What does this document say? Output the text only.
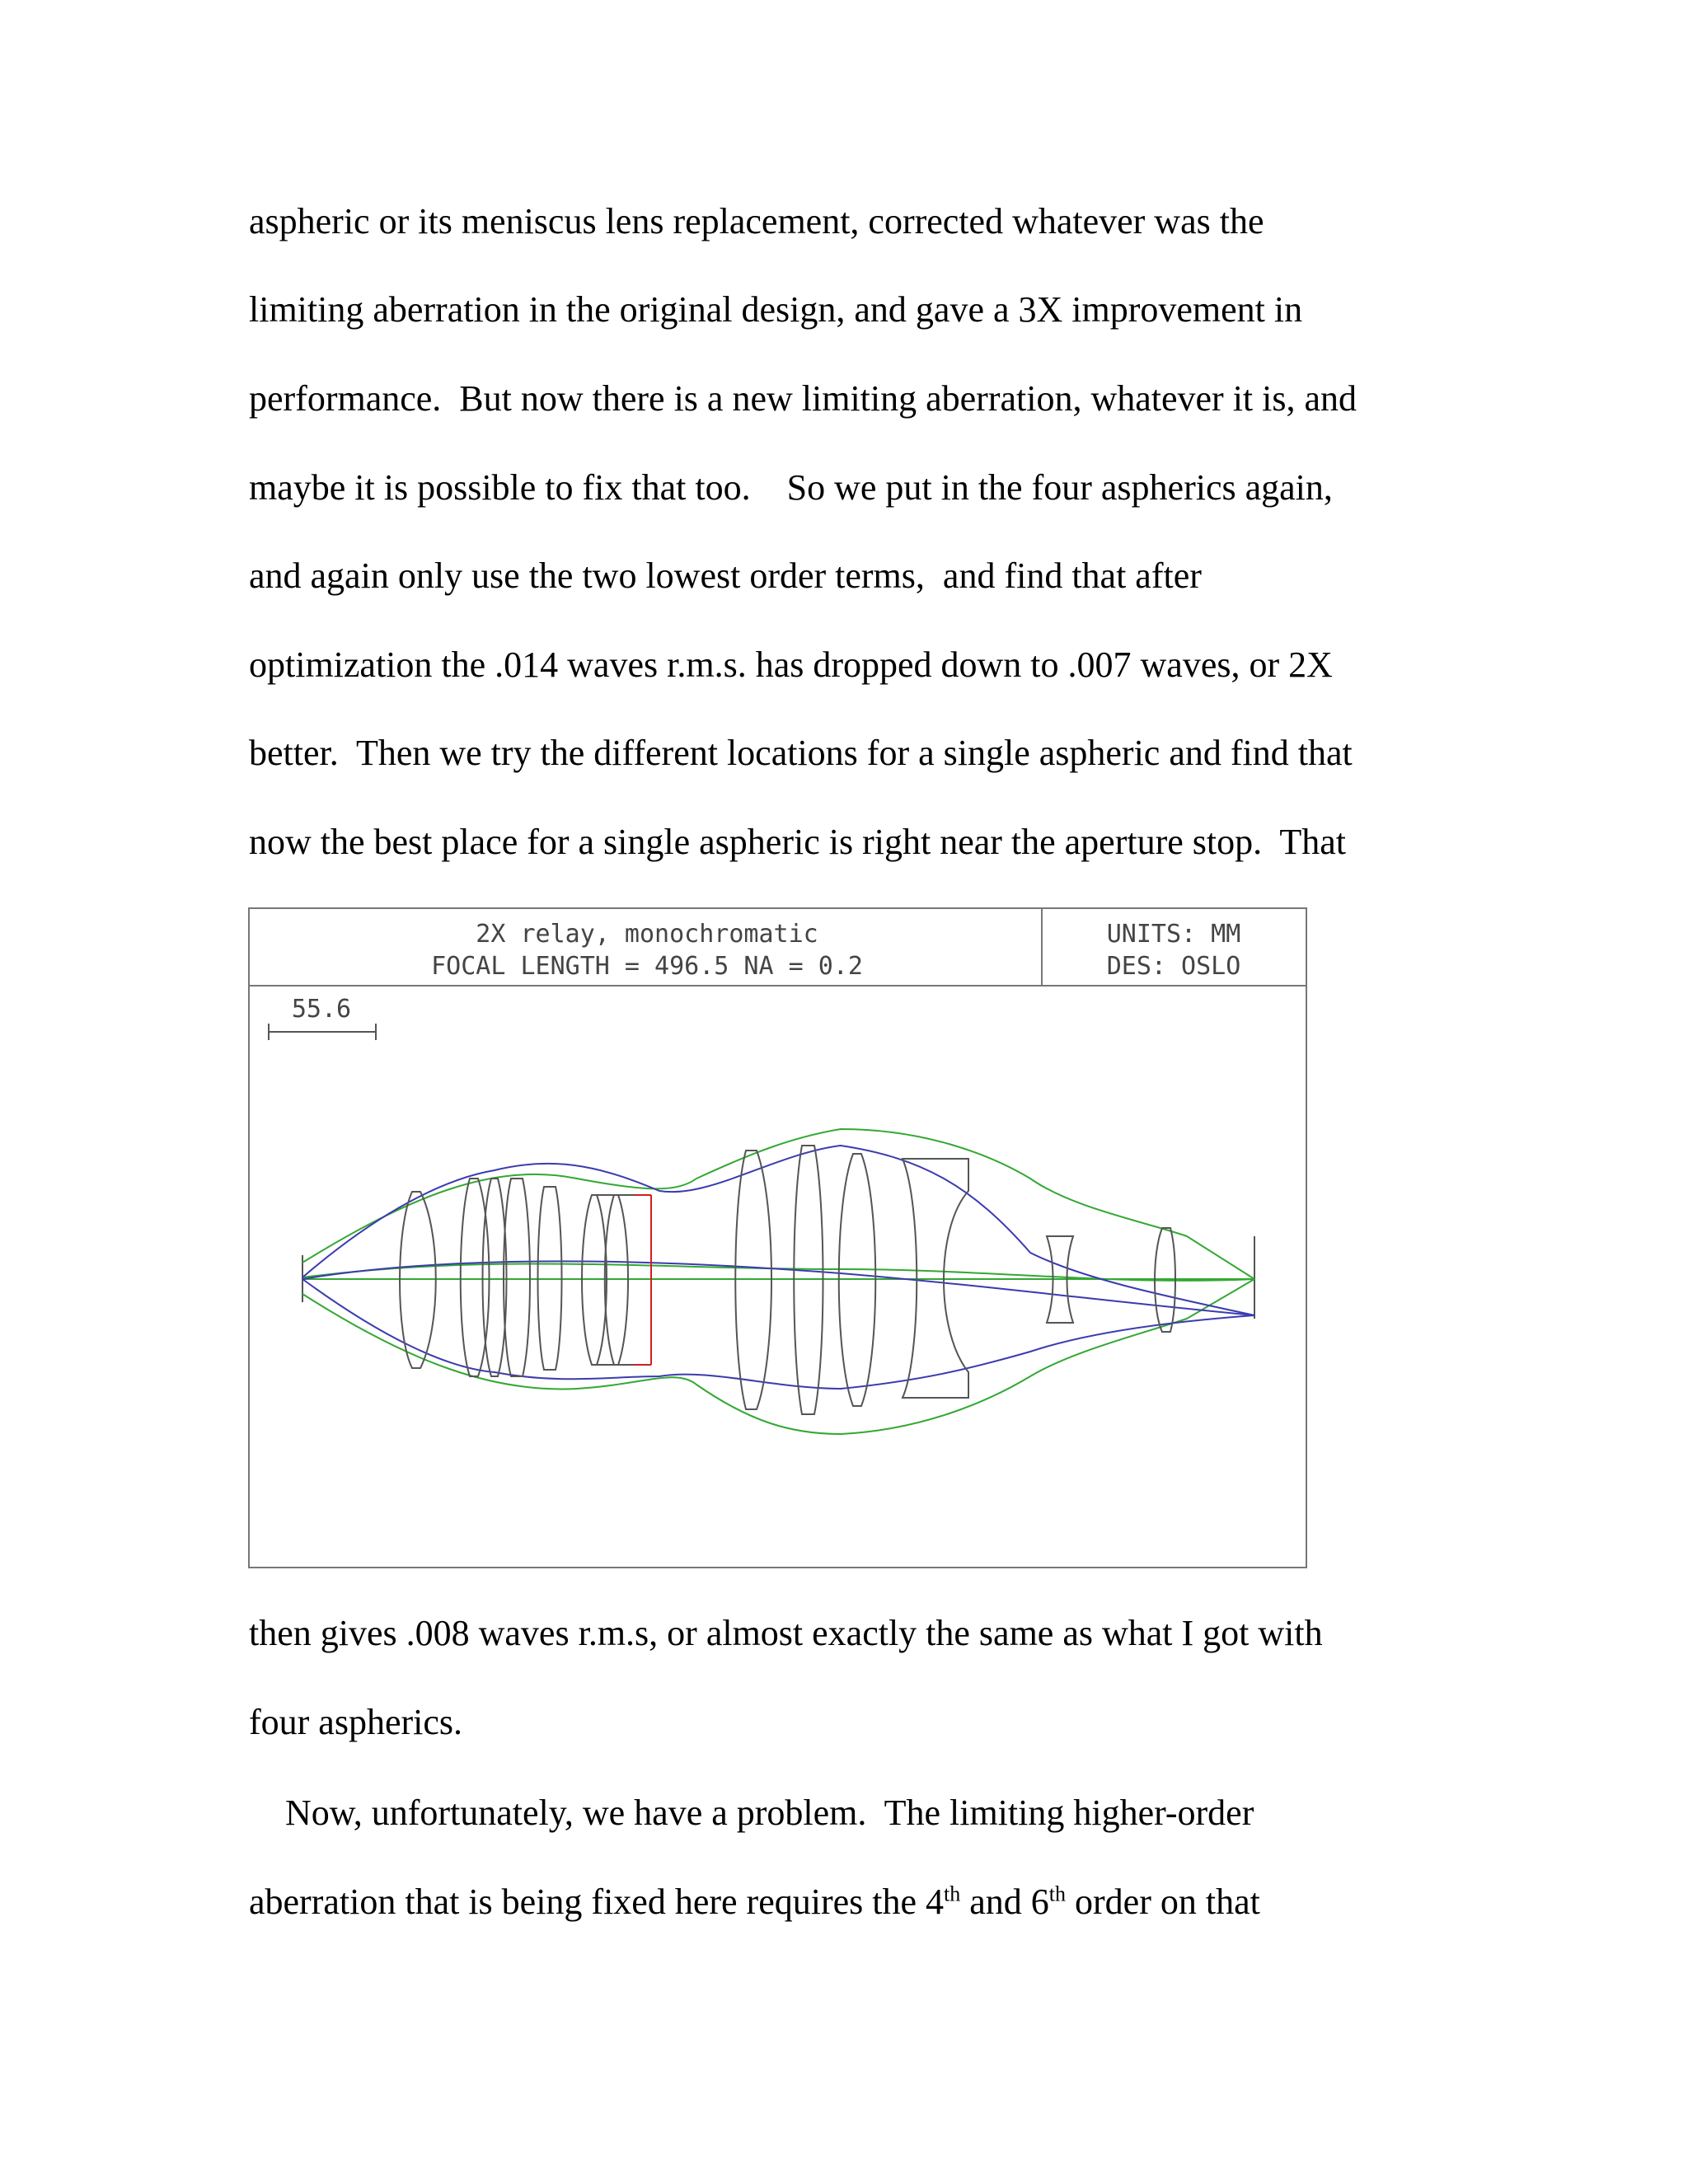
aspheric or its meniscus lens replacement, corrected whatever was the

limiting aberration in the original design, and gave a 3X improvement in

performance.  But now there is a new limiting aberration, whatever it is, and

maybe it is possible to fix that too.    So we put in the four aspherics again,

and again only use the two lowest order terms,  and find that after

optimization the .014 waves r.m.s. has dropped down to .007 waves, or 2X

better.  Then we try the different locations for a single aspheric and find that

now the best place for a single aspheric is right near the aperture stop.  That

2X relay, monochromatic
FOCAL LENGTH = 496.5 NA = 0.2
UNITS: MM
DES: OSLO
55.6

then gives .008 waves r.m.s, or almost exactly the same as what I got with

four aspherics.

Now, unfortunately, we have a problem.  The limiting higher-order

aberration that is being fixed here requires the 4th and 6th order on that
